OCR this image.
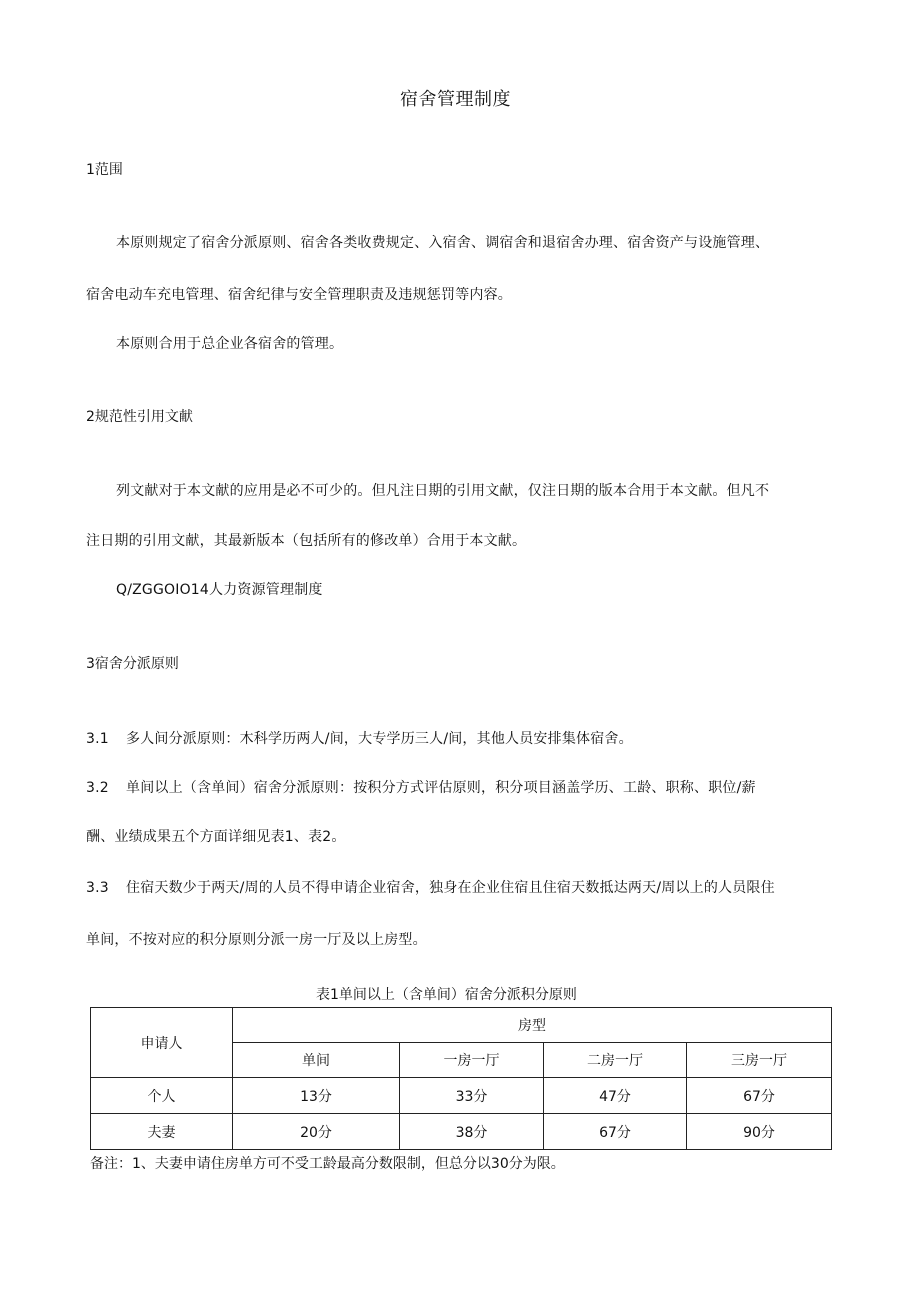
宿舍管理制度

1范围

本原则规定了宿舍分派原则、宿舍各类收费规定、入宿舍、调宿舍和退宿舍办理、宿舍资产与设施管理、

宿舍电动车充电管理、宿舍纪律与安全管理职责及违规惩罚等内容。

本原则合用于总企业各宿舍的管理。

2规范性引用文献

列文献对于本文献的应用是必不可少的。但凡注日期的引用文献，仅注日期的版本合用于本文献。但凡不

注日期的引用文献，其最新版本（包括所有的修改单）合用于本文献。

Q/ZGGOIO14人力资源管理制度

3宿舍分派原则

3.1 多人间分派原则：木科学历两人/间，大专学历三人/间，其他人员安排集体宿舍。

3.2 单间以上（含单间）宿舍分派原则：按积分方式评估原则，积分项目涵盖学历、工龄、职称、职位/薪

酬、业绩成果五个方面详细见表1、表2。

3.3 住宿天数少于两天/周的人员不得申请企业宿舍，独身在企业住宿且住宿天数抵达两天/周以上的人员限住

单间，不按对应的积分原则分派一房一厅及以上房型。

表1单间以上（含单间）宿舍分派积分原则

申请人	房型			
	单间	一房一厅	二房一厅	三房一厅
个人	13分	33分	47分	67分
夫妻	20分	38分	67分	90分

备注：1、夫妻申请住房单方可不受工龄最高分数限制，但总分以30分为限。
